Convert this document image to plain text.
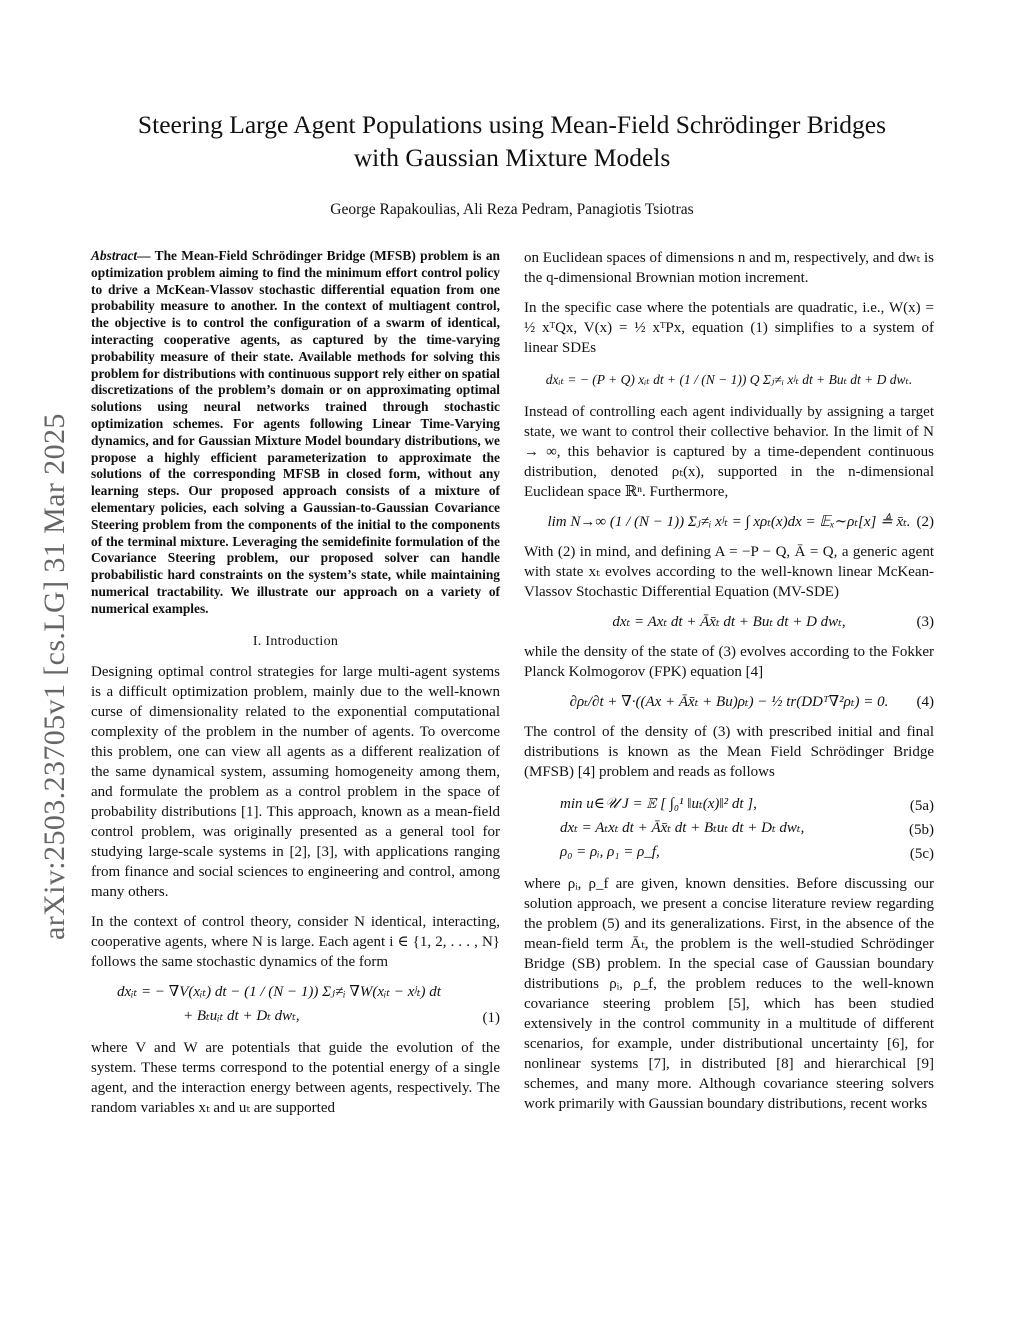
arXiv:2503.23705v1 [cs.LG] 31 Mar 2025
Steering Large Agent Populations using Mean-Field Schrödinger Bridges
with Gaussian Mixture Models
George Rapakoulias, Ali Reza Pedram, Panagiotis Tsiotras

Abstract— The Mean-Field Schrödinger Bridge (MFSB) problem is an optimization problem aiming to find the minimum effort control policy to drive a McKean-Vlassov stochastic differential equation from one probability measure to another. In the context of multiagent control, the objective is to control the configuration of a swarm of identical, interacting cooperative agents, as captured by the time-varying probability measure of their state. Available methods for solving this problem for distributions with continuous support rely either on spatial discretizations of the problem’s domain or on approximating optimal solutions using neural networks trained through stochastic optimization schemes. For agents following Linear Time-Varying dynamics, and for Gaussian Mixture Model boundary distributions, we propose a highly efficient parameterization to approximate the solutions of the corresponding MFSB in closed form, without any learning steps. Our proposed approach consists of a mixture of elementary policies, each solving a Gaussian-to-Gaussian Covariance Steering problem from the components of the initial to the components of the terminal mixture. Leveraging the semidefinite formulation of the Covariance Steering problem, our proposed solver can handle probabilistic hard constraints on the system’s state, while maintaining numerical tractability. We illustrate our approach on a variety of numerical examples.

I. Introduction

Designing optimal control strategies for large multi-agent systems is a difficult optimization problem, mainly due to the well-known curse of dimensionality related to the exponential computational complexity of the problem in the number of agents. To overcome this problem, one can view all agents as a different realization of the same dynamical system, assuming homogeneity among them, and formulate the problem as a control problem in the space of probability distributions [1]. This approach, known as a mean-field control problem, was originally presented as a general tool for studying large-scale systems in [2], [3], with applications ranging from finance and social sciences to engineering and control, among many others.

In the context of control theory, consider N identical, interacting, cooperative agents, where N is large. Each agent i ∈ {1, 2, . . . , N} follows the same stochastic dynamics of the form

dxᵢₜ = − ∇V(xᵢₜ) dt − (1 / (N − 1)) Σⱼ≠ᵢ ∇W(xᵢₜ − xʲₜ) dt
+ Bₜuᵢₜ dt + Dₜ dwₜ,	(1)

where V and W are potentials that guide the evolution of the system. These terms correspond to the potential energy of a single agent, and the interaction energy between agents, respectively. The random variables xₜ and uₜ are supported

on Euclidean spaces of dimensions n and m, respectively, and dwₜ is the q-dimensional Brownian motion increment.

In the specific case where the potentials are quadratic, i.e., W(x) = ½ xᵀQx, V(x) = ½ xᵀPx, equation (1) simplifies to a system of linear SDEs

dxᵢₜ = − (P + Q) xᵢₜ dt + (1 / (N − 1)) Q Σⱼ≠ᵢ xʲₜ dt + Buₜ dt + D dwₜ.

Instead of controlling each agent individually by assigning a target state, we want to control their collective behavior. In the limit of N → ∞, this behavior is captured by a time-dependent continuous distribution, denoted ρₜ(x), supported in the n-dimensional Euclidean space ℝⁿ. Furthermore,

lim N→∞ (1 / (N − 1)) Σⱼ≠ᵢ xʲₜ = ∫ xρₜ(x)dx = 𝔼ₓ∼ρₜ[x] ≜ x̄ₜ. (2)

With (2) in mind, and defining A = −P − Q, Ā = Q, a generic agent with state xₜ evolves according to the well-known linear McKean-Vlassov Stochastic Differential Equation (MV-SDE)

dxₜ = Axₜ dt + Āx̄ₜ dt + Buₜ dt + D dwₜ,	(3)

while the density of the state of (3) evolves according to the Fokker Planck Kolmogorov (FPK) equation [4]

∂ρₜ/∂t + ∇·((Ax + Āx̄ₜ + Bu)ρₜ) − ½ tr(DDᵀ∇²ρₜ) = 0. (4)

The control of the density of (3) with prescribed initial and final distributions is known as the Mean Field Schrödinger Bridge (MFSB) [4] problem and reads as follows

min u∈𝒰 J = 𝔼 [ ∫₀¹ ‖uₜ(x)‖² dt ],	(5a)
dxₜ = Aₜxₜ dt + Āx̄ₜ dt + Bₜuₜ dt + Dₜ dwₜ,	(5b)
ρ₀ = ρᵢ, ρ₁ = ρ_f,	(5c)

where ρᵢ, ρ_f are given, known densities. Before discussing our solution approach, we present a concise literature review regarding the problem (5) and its generalizations. First, in the absence of the mean-field term Āₜ, the problem is the well-studied Schrödinger Bridge (SB) problem. In the special case of Gaussian boundary distributions ρᵢ, ρ_f, the problem reduces to the well-known covariance steering problem [5], which has been studied extensively in the control community in a multitude of different scenarios, for example, under distributional uncertainty [6], for nonlinear systems [7], in distributed [8] and hierarchical [9] schemes, and many more. Although covariance steering solvers work primarily with Gaussian boundary distributions, recent works
